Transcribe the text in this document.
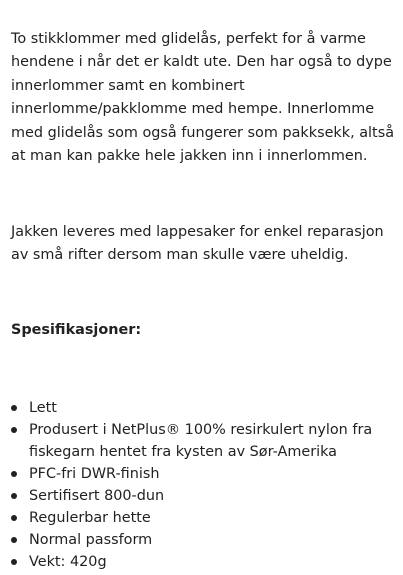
To stikklommer med glidelås, perfekt for å varme hendene i når det er kaldt ute. Den har også to dype innerlommer samt en kombinert innerlomme/pakklomme med hempe. Innerlomme med glidelås som også fungerer som pakksekk, altså at man kan pakke hele jakken inn i innerlommen.

Jakken leveres med lappesaker for enkel reparasjon av små rifter dersom man skulle være uheldig.

Spesifikasjoner:

Lett
Produsert i NetPlus® 100% resirkulert nylon fra fiskegarn hentet fra kysten av Sør-Amerika
PFC-fri DWR-finish
Sertifisert 800-dun
Regulerbar hette
Normal passform
Vekt: 420g
